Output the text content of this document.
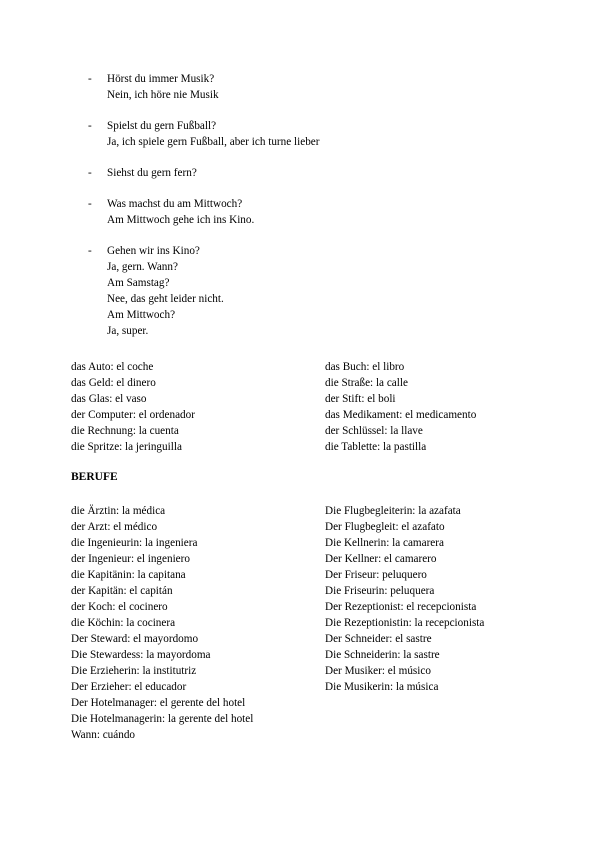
-	Hörst du immer Musik?
Nein, ich höre nie Musik
-	Spielst du gern Fußball?
Ja, ich spiele gern Fußball, aber ich turne lieber
-	Siehst du gern fern?
-	Was machst du am Mittwoch?
Am Mittwoch gehe ich ins Kino.
-	Gehen wir ins Kino?
Ja, gern. Wann?
Am Samstag?
Nee, das geht leider nicht.
Am Mittwoch?
Ja, super.
das Auto: el coche
das Geld: el dinero
das Glas: el vaso
der Computer: el ordenador
die Rechnung: la cuenta
die Spritze: la jeringuilla
das Buch: el libro
die Straße: la calle
der Stift: el boli
das Medikament: el medicamento
der Schlüssel: la llave
die Tablette: la pastilla
BERUFE
die Ärztin: la médica
der Arzt: el médico
die Ingenieurin: la ingeniera
der Ingenieur: el ingeniero
die Kapitänin: la capitana
der Kapitän: el capitán
der Koch: el cocinero
die Köchin: la cocinera
Der Steward: el mayordomo
Die Stewardess: la mayordoma
Die Erzieherin: la institutriz
Der Erzieher: el educador
Der Hotelmanager: el gerente del hotel
Die Hotelmanagerin: la gerente del hotel
Wann: cuándo
Die Flugbegleiterin: la azafata
Der Flugbegleit: el azafato
Die Kellnerin: la camarera
Der Kellner: el camarero
Der Friseur: peluquero
Die Friseurin: peluquera
Der Rezeptionist: el recepcionista
Die Rezeptionistin: la recepcionista
Der Schneider: el sastre
Die Schneiderin: la sastre
Der Musiker: el músico
Die Musikerin: la música
